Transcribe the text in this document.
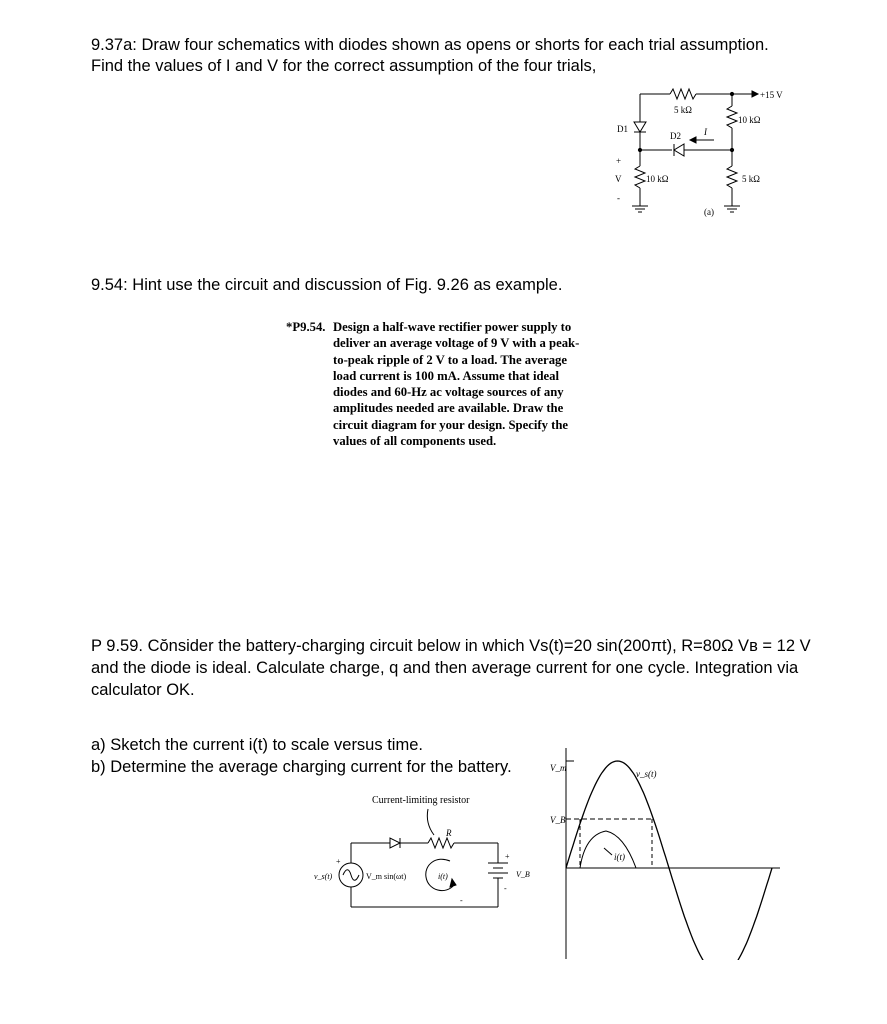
9.37a: Draw four schematics with diodes shown as opens or shorts for each trial assumption.
Find the values of I and V for the correct assumption of the four trials,
5 kΩ
+15 V
10 kΩ
D1
D2	I
+
V
-
10 kΩ	5 kΩ
(a)
9.54: Hint use the circuit and discussion of Fig. 9.26 as example.
*P9.54. Design a half-wave rectifier power supply to
deliver an average voltage of 9 V with a peak-
to-peak ripple of 2 V to a load. The average
load current is 100 mA. Assume that ideal
diodes and 60-Hz ac voltage sources of any
amplitudes needed are available. Draw the
circuit diagram for your design. Specify the
values of all components used.
P 9.59. Cŏnsider the battery-charging circuit below in which Vs(t)=20 sin(200πt), R=80Ω Vʙ = 12 V
and the diode is ideal. Calculate charge, q and then average current for one cycle. Integration via
calculator OK.
a) Sketch the current i(t) to scale versus time.
b) Determine the average charging current for the battery.
Current-limiting resistor
R
+
v_s(t)	V_m sin(ωt)	i(t)
+
V_B
-
-
V_m
V_B
v_s(t)
i(t)
